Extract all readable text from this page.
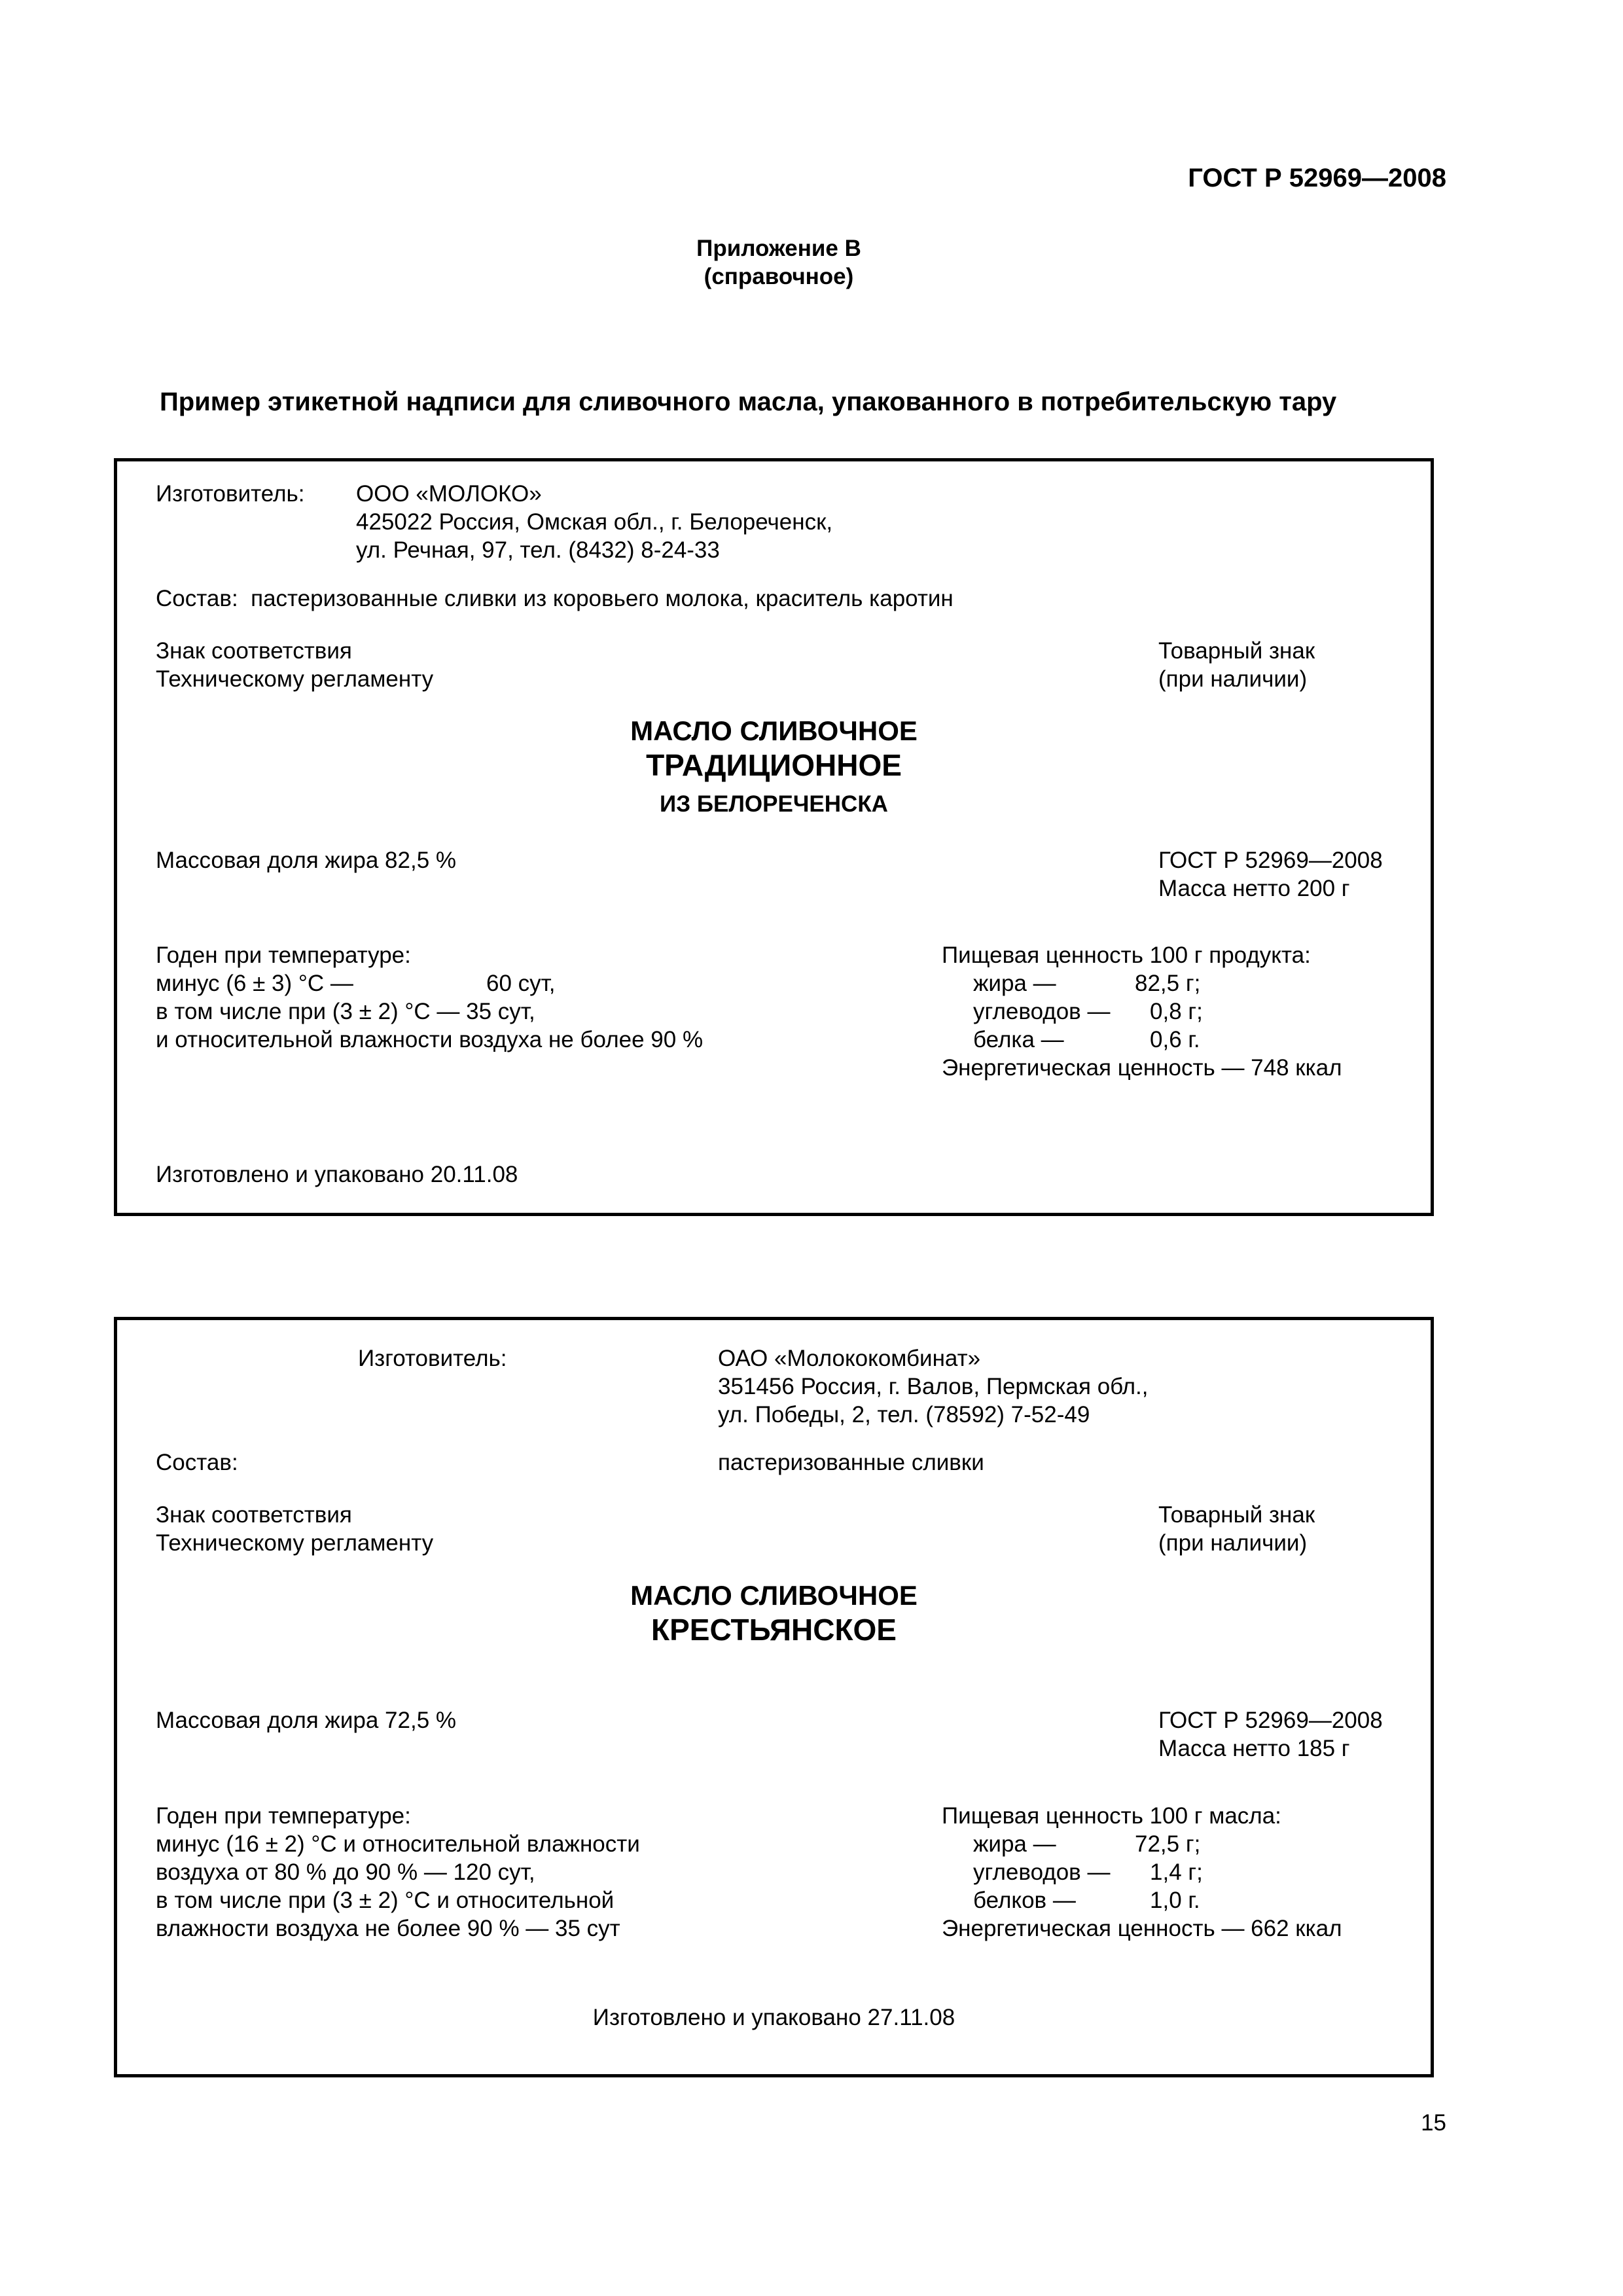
ГОСТ Р 52969—2008
Приложение В
(справочное)
Пример этикетной надписи для сливочного масла, упакованного в потребительскую тару
Изготовитель: ООО «МОЛОКО»
425022 Россия, Омская обл., г. Белореченск,
ул. Речная, 97, тел. (8432) 8-24-33
Состав:  пастеризованные сливки из коровьего молока, краситель каротин
Знак соответствия
Техническому регламенту
Товарный знак
(при наличии)
МАСЛО СЛИВОЧНОЕ
ТРАДИЦИОННОЕ
ИЗ БЕЛОРЕЧЕНСКА
Массовая доля жира 82,5 %	ГОСТ Р 52969—2008
Масса нетто 200 г
Годен при температуре:
минус (6 ± 3) °С —	60 сут,
в том числе при (3 ± 2) °С — 35 сут,
и относительной влажности воздуха не более 90 %
Пищевая ценность 100 г продукта:
жира —	82,5 г;
углеводов — 0,8 г;
белка —	0,6 г.
Энергетическая ценность — 748 ккал
Изготовлено и упаковано 20.11.08
Изготовитель:	ОАО «Молококомбинат»
351456 Россия, г. Валов, Пермская обл.,
ул. Победы, 2, тел. (78592) 7-52-49
Состав:	пастеризованные сливки
Знак соответствия
Техническому регламенту
Товарный знак
(при наличии)
МАСЛО СЛИВОЧНОЕ
КРЕСТЬЯНСКОЕ
Массовая доля жира 72,5 %	ГОСТ Р 52969—2008
Масса нетто 185 г
Годен при температуре:
минус (16 ± 2) °С и относительной влажности
воздуха от 80 % до 90 % — 120 сут,
в том числе при (3 ± 2) °С и относительной
влажности воздуха не более 90 % — 35 сут
Пищевая ценность 100 г масла:
жира —	72,5 г;
углеводов — 1,4 г;
белков —	1,0 г.
Энергетическая ценность — 662 ккал
Изготовлено и упаковано 27.11.08
15
